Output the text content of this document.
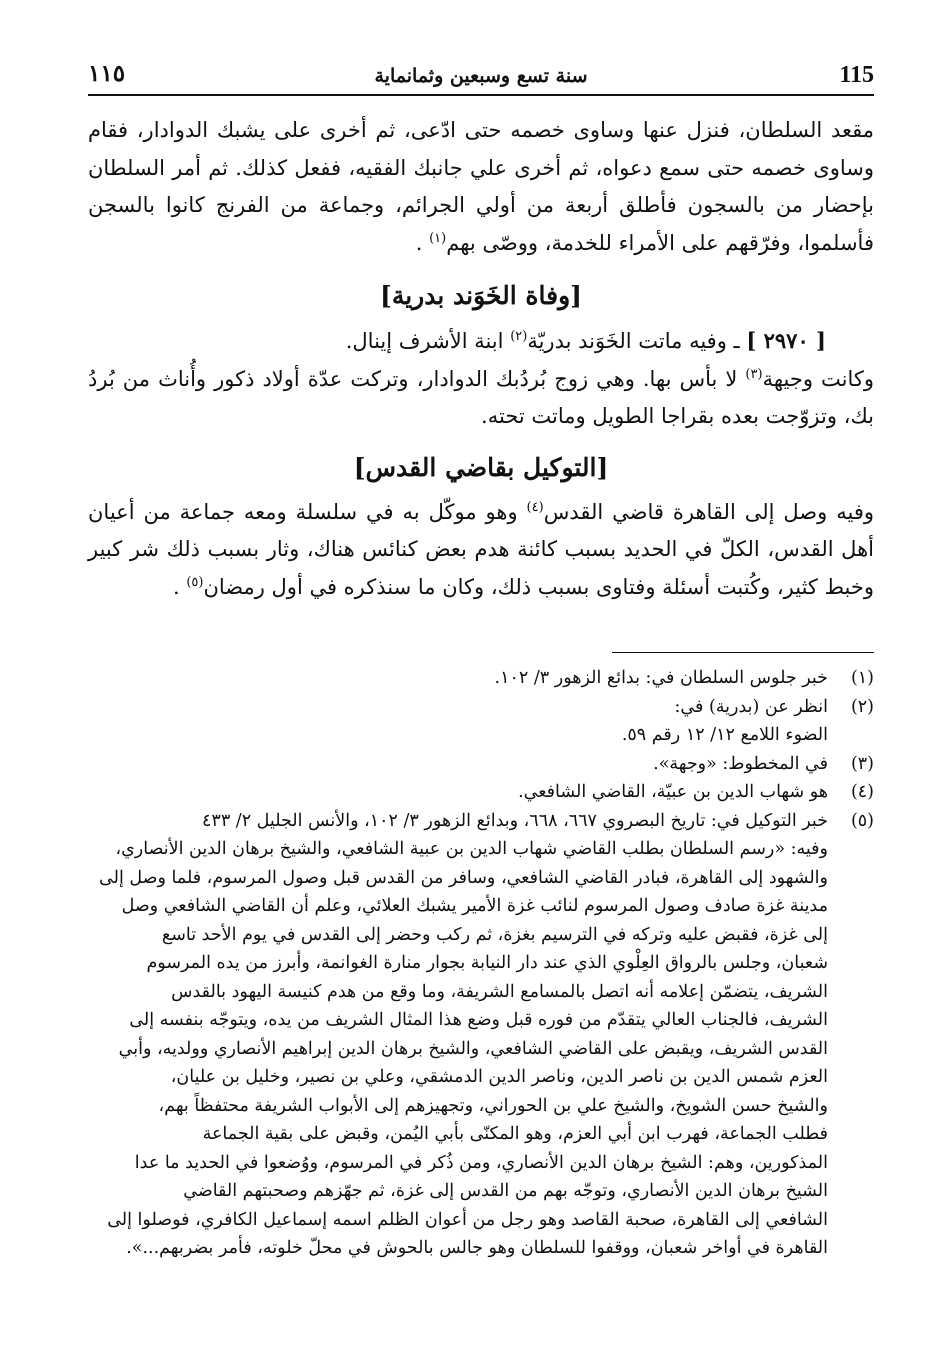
115
سنة تسع وسبعين وثمانماية
١١٥

مقعد السلطان، فنزل عنها وساوى خصمه حتى ادّعى، ثم أخرى على يشبك الدوادار، فقام وساوى خصمه حتى سمع دعواه، ثم أخرى علي جانبك الفقيه، ففعل كذلك. ثم أمر السلطان بإحضار من بالسجون فأطلق أربعة من أولي الجرائم، وجماعة من الفرنج كانوا بالسجن فأسلموا، وفرّقهم على الأمراء للخدمة، ووصّى بهم$^{(١)}$ .

[وفاة الخَوَند بدرية]

[ ٢٩٧٠ ] ـ وفيه ماتت الخَوَند بدريّة$^{(٢)}$ ابنة الأشرف إينال.

وكانت وجيهة$^{(٣)}$ لا بأس بها. وهي زوج بُردُبك الدوادار، وتركت عدّة أولاد ذكور وأُناث من بُردُ بك، وتزوّجت بعده بقراجا الطويل وماتت تحته.

[التوكيل بقاضي القدس]

وفيه وصل إلى القاهرة قاضي القدس$^{(٤)}$ وهو موكّل به في سلسلة ومعه جماعة من أعيان أهل القدس، الكلّ في الحديد بسبب كائنة هدم بعض كنائس هناك، وثار بسبب ذلك شر كبير وخبط كثير، وكُتبت أسئلة وفتاوى بسبب ذلك، وكان ما سنذكره في أول رمضان$^{(٥)}$ .

(١)
خبر جلوس السلطان في: بدائع الزهور ٣/ ١٠٢.
(٢)
انظر عن (بدرية) في:
الضوء اللامع ١٢/ ١٢ رقم ٥٩.
(٣)
في المخطوط: «وجهة».
(٤)
هو شهاب الدين بن عبيّة، القاضي الشافعي.
(٥)
خبر التوكيل في: تاريخ البصروي ٦٦٧، ٦٦٨، وبدائع الزهور ٣/ ١٠٢، والأنس الجليل ٢/ ٤٣٣
وفيه: «رسم السلطان بطلب القاضي شهاب الدين بن عبية الشافعي، والشيخ برهان الدين الأنصاري،
والشهود إلى القاهرة، فبادر القاضي الشافعي، وسافر من القدس قبل وصول المرسوم، فلما وصل إلى
مدينة غزة صادف وصول المرسوم لنائب غزة الأمير يشبك العلائي، وعلم أن القاضي الشافعي وصل
إلى غزة، فقبض عليه وتركه في الترسيم بغزة، ثم ركب وحضر إلى القدس في يوم الأحد تاسع
شعبان، وجلس بالرواق العِلْوي الذي عند دار النيابة بجوار منارة الغوانمة، وأبرز من يده المرسوم
الشريف، يتضمّن إعلامه أنه اتصل بالمسامع الشريفة، وما وقع من هدم كنيسة اليهود بالقدس
الشريف، فالجناب العالي يتقدّم من فوره قبل وضع هذا المثال الشريف من يده، ويتوجّه بنفسه إلى
القدس الشريف، ويقبض على القاضي الشافعي، والشيخ برهان الدين إبراهيم الأنصاري وولديه، وأبي
العزم شمس الدين بن ناصر الدين، وناصر الدين الدمشقي، وعلي بن نصير، وخليل بن عليان،
والشيخ حسن الشويخ، والشيخ علي بن الحوراني، وتجهيزهم إلى الأبواب الشريفة محتفظاً بهم،
فطلب الجماعة، فهرب ابن أبي العزم، وهو المكنّى بأبي اليُمن، وقبض على بقية الجماعة
المذكورين، وهم: الشيخ برهان الدين الأنصاري، ومن ذُكر في المرسوم، ووُضعوا في الحديد ما عدا
الشيخ برهان الدين الأنصاري، وتوجّه بهم من القدس إلى غزة، ثم جهّزهم وصحبتهم القاضي
الشافعي إلى القاهرة، صحبة القاصد وهو رجل من أعوان الظلم اسمه إسماعيل الكافري، فوصلوا إلى
القاهرة في أواخر شعبان، ووقفوا للسلطان وهو جالس بالحوش في محلّ خلوته، فأمر بضربهم...».
